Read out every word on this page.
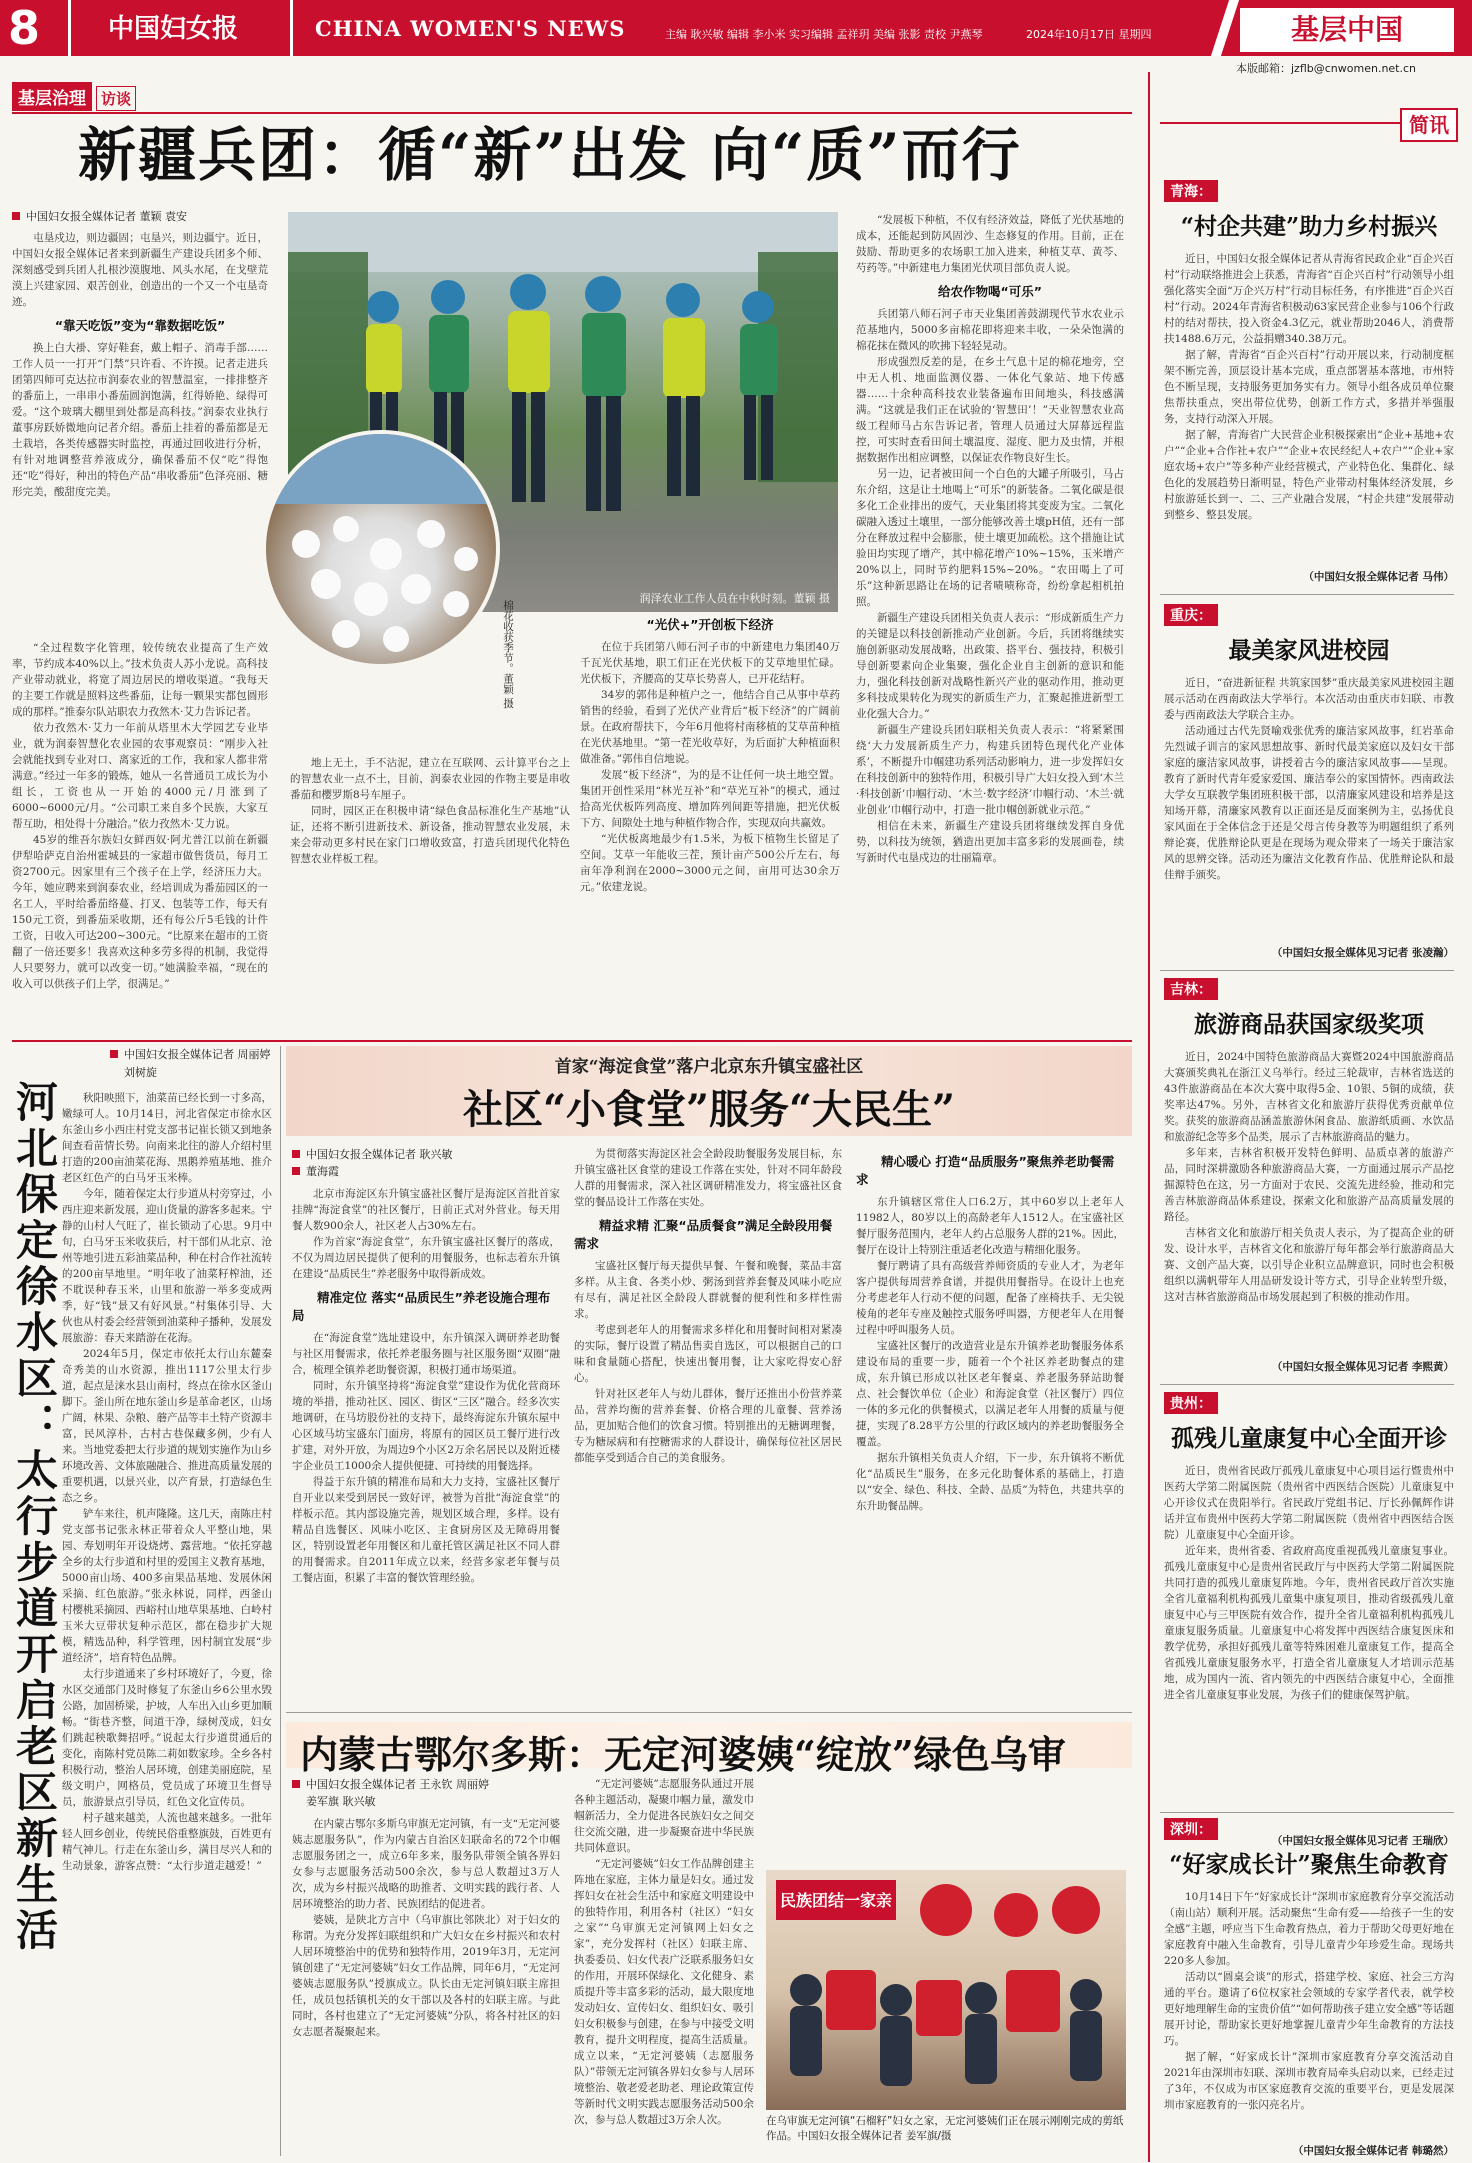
8	中国妇女报	CHINA WOMEN'S NEWS	主编 耿兴敏 编辑 李小米 实习编辑 孟祥玥 美编 张影 责校 尹燕琴	2024年10月17日 星期四	基层中国
本版邮箱：jzflb@cnwomen.net.cn
基层治理 访谈
新疆兵团：循“新”出发 向“质”而行
中国妇女报全媒体记者 董颖 袁安

屯垦戍边，则边疆固；屯垦兴，则边疆宁。近日，中国妇女报全媒体记者来到新疆生产建设兵团多个师、深刻感受到兵团人扎根沙漠腹地、风头水尾，在戈壁荒漠上兴建家园、艰苦创业，创造出的一个又一个屯垦奇迹。

“靠天吃饭”变为“靠数据吃饭”

换上白大褂、穿好鞋套，戴上帽子、消毒手部……工作人员一一打开“门禁”只许看、不许摸。记者走进兵团第四师可克达拉市润泰农业的智慧温室，一排排整齐的番茄上，一串串小番茄圆润饱满，红得娇艳、绿得可爱。“这个玻璃大棚里到处都是高科技。”润泰农业执行董事房跃娇微地向记者介绍。番茄上挂着的番茄都是无土栽培，各类传感器实时监控，再通过回收进行分析，有针对地调整营养液成分，确保番茄不仅“吃”得饱还“吃”得好，种出的特色产品“串收番茄”色泽亮丽、糖形完美，酸甜度完美。

润泽农业工作人员在中秋时刻。董颖 摄
棉花收获季节。董颖 摄

“全过程数字化管理，较传统农业提高了生产效率，节约成本40%以上。”技术负责人苏小龙说。高科技产业带动就业，将宽了周边居民的增收渠道。“我每天的主要工作就是照料这些番茄，让每一颗果实都包圆形成的那样。”推泰尔队站职农力孜然木·艾力告诉记者。

依力孜然木·艾力一年前从塔里木大学园艺专业毕业，就为润泰智慧化农业园的农事观察员：“刚步入社会就能找到专业对口、离家近的工作，我和家人都非常满意。”经过一年多的锻炼，她从一名普通员工成长为小组长，工资也从一开始的4000元/月涨到了6000~6000元/月。“公司职工来自多个民族，大家互帮互助，相处得十分融洽。”依力孜然木·艾力说。

45岁的维吾尔族妇女鲜西奴·阿尤普江以前在新疆伊犁哈萨克自治州霍城县的一家超市做售货员，每月工资2700元。因家里有三个孩子在上学，经济压力大。今年，她应聘来到润泰农业，经培训成为番茄园区的一名工人，平时给番茄络蔓、打叉、包装等工作，每天有150元工资，到番茄采收期，还有每公斤5毛钱的计件工资，日收入可达200~300元。“比原来在超市的工资翻了一倍还要多！我喜欢这种多劳多得的机制，我觉得人只要努力，就可以改变一切。”她满脸幸福，“现在的收入可以供孩子们上学，很满足。”

地上无土，手不沾泥，建立在互联网、云计算平台之上的智慧农业一点不土，目前，润泰农业园的作物主要是串收番茄和樱罗斯8号车厘子。

同时，园区正在积极申请“绿色食品标准化生产基地”认证，还将不断引进新技术、新设备，推动智慧农业发展，未来会带动更多村民在家门口增收致富，打造兵团现代化特色智慧农业样板工程。

“光伏+”开创板下经济

在位于兵团第八师石河子市的中新建电力集团40万千瓦光伏基地，职工们正在光伏板下的艾草地里忙碌。光伏板下，齐腰高的艾草长势喜人，已开花结籽。

34岁的郭伟是种植户之一，他结合自己从事中草药销售的经验，看到了光伏产业背后“板下经济”的广阔前景。在政府帮扶下，今年6月他将村南移植的艾草苗种植在光伏基地里。“第一茬光收草好，为后面扩大种植面积做准备。”郭伟自信地说。

发展“板下经济”，为的是不让任何一块土地空置。集团开创性采用“林光互补”和“草光互补”的模式，通过拾高光伏板阵列高度、增加阵列间距等措施，把光伏板下方、间隙处土地与种植作物合作，实现双向共赢效。

“光伏板离地最少有1.5米，为板下植物生长留足了空间。艾草一年能收三茬，预计亩产500公斤左右，每亩年净利润在2000~3000元之间，亩用可达30余万元。”依建龙说。

“发展板下种植，不仅有经济效益，降低了光伏基地的成本，还能起到防风固沙、生态修复的作用。目前，正在鼓励、帮助更多的农场职工加入进来，种植艾草、黄芩、芍药等。”中新建电力集团光伏项目部负责人说。

给农作物喝“可乐”

兵团第八师石河子市天业集团善鼓湖现代节水农业示范基地内，5000多亩棉花即将迎来丰收，一朵朵饱满的棉花抹在微风的吹拂下轻轻晃动。

形成强烈反差的是，在乡土气息十足的棉花地旁，空中无人机、地面监测仪器、一体化气象站、地下传感器……十余种高科技农业装备遍布田间地头，科技感满满。“这就是我们正在试验的‘智慧田’！”天业智慧农业高级工程师马占东告诉记者，管理人员通过大屏幕远程监控，可实时查看田间土壤温度、湿度、肥力及虫情，并根据数据作出相应调整，以保证农作物良好生长。

另一边，记者被田间一个白色的大罐子所吸引，马占东介绍，这是让土地喝上“可乐”的新装备。二氧化碳是很多化工企业排出的废气，天业集团将其变废为宝。二氧化碳融入透过土壤里，一部分能够改善土壤pH值，还有一部分在释放过程中会膨胀，使土壤更加疏松。这个措施让试验田均实现了增产，其中棉花增产10%~15%，玉米增产20%以上，同时节约肥料15%~20%。“农田喝上了可乐”这种新思路让在场的记者啧啧称奇，纷纷拿起相机拍照。

新疆生产建设兵团相关负责人表示：“形成新质生产力的关键是以科技创新推动产业创新。今后，兵团将继续实施创新驱动发展战略，出政策、搭平台、强技持，积极引导创新要素向企业集聚，强化企业自主创新的意识和能力，强化科技创新对战略性新兴产业的驱动作用，推动更多科技成果转化为现实的新质生产力，汇聚起推进新型工业化强大合力。”

新疆生产建设兵团妇联相关负责人表示：“将紧紧围绕‘大力发展新质生产力，构建兵团特色现代化产业体系’，不断提升巾帼建功系列活动影响力，进一步发挥妇女在科技创新中的独特作用，积极引导广大妇女投入到‘木兰·科技创新’巾帼行动、‘木兰·数字经济’巾帼行动、‘木兰·就业创业’巾帼行动中，打造一批巾帼创新就业示范。”

相信在未来，新疆生产建设兵团将继续发挥自身优势，以科技为统领，猶造出更加丰富多彩的发展画卷，续写新时代屯垦戍边的壮丽篇章。

中国妇女报全媒体记者 周丽婷
刘树旋
河北保定徐水区：太行步道开启老区新生活	秋阳映照下，油菜苗已经长到一寸多高，嫩绿可人。10月14日，河北省保定市徐水区东釜山乡小西庄村党支部书记崔长锁又到地条间查看苗情长势。向南来北往的游人介绍村里打造的200亩油菜花海、黑鹅养殖基地、推介老区红色产的白马牙玉米棒。

今年，随着保定太行步道从村旁穿过，小西庄迎来新发展，迎山货量的游客多起来。宁静的山村人气旺了，崔长锁动了心思。9月中旬，白马牙玉米收获后，村干部们从北京、沧州等地引进五彩油菜品种，种在村合作社流转的200亩旱地里。“明年收了油菜籽榨油，还不耽误种春玉米，山里和旅游一举多变成两季，好“钱”景又有好风景。”村集体引导、大伙也从村委会经营领到油菜种子播种，发展发展旅游：春天来踏游在花海。

2024年5月，保定市依托太行山东麓秦奇秀美的山水资源，推出1117公里太行步道，起点是涞水县山南村，终点在徐水区釜山脚下。釜山所在地东釜山乡是革命老区，山场广阔，林果、杂粮、蘑产品等丰土特产资源丰富，民风淳朴，古村古巷保藏多例，少有人来。当地党委把太行步道的规划实施作为山乡环境改善、文体旅融融合、推进高质量发展的重要机遇，以景兴业，以产育景，打造绿色生态之乡。

铲车来往，机声隆隆。这几天，南陈庄村党支部书记张永林正带着众人平整山地，果园、寿划明年开设烧烤、露营地。“依托穿越全乡的太行步道和村里的爱国主义教育基地，5000亩山场、400多亩果品基地、发展休闲采摘、红色旅游。”张永林说，同样，西釜山村樱桃采摘园、西峪村山地草果基地、白岭村玉米大豆带状复种示范区，都在稳步扩大规模，精选品种，科学管理，因村制宜发展“步道经济”，培育特色品牌。

太行步道通来了乡村环境好了，今夏，徐水区交通部门及时修复了东釜山乡6公里水毁公路，加固桥梁，护坡，人车出入山乡更加顺畅。“街巷齐整，间道干净，绿树茂成，妇女们跳起秧歌舞招呼。”说起太行步道贯通后的变化，南陈村党员陈二莉如数家珍。全乡各村积极行动，整治人居环境，创建美丽庭院，星级文明户，网格员，党员成了环境卫生督导员，旅游景点引导员，红色文化宣传员。

村子越来越美，人流也越来越多。一批年轻人回乡创业，传统民俗重整旗鼓，百姓更有精气神儿。行走在东釜山乡，满目尽兴人和的生动景象，游客点赞：“太行步道走越爱！”

首家“海淀食堂”落户北京东升镇宝盛社区
社区“小食堂”服务“大民生”
中国妇女报全媒体记者 耿兴敏
董海霞

北京市海淀区东升镇宝盛社区餐厅是海淀区首批首家挂牌“海淀食堂”的社区餐厅，日前正式对外营业。每天用餐人数900余人，社区老人占30%左右。

作为首家“海淀食堂”，东升镇宝盛社区餐厅的落成，不仅为周边居民提供了便利的用餐服务，也标志着东升镇在建设“品质民生”养老服务中取得新成效。

精准定位 落实“品质民生”养老设施合理布局

在“海淀食堂”选址建设中，东升镇深入调研养老助餐与社区用餐需求，依托养老服务圈与社区服务圈“双圈”融合，梳理全镇养老助餐资源，积极打通市场渠道。

同时，东升镇坚持将“海淀食堂”建设作为优化营商环境的举措，推动社区、园区、街区“三区”融合。经多次实地调研，在马坊股份社的支持下，最终海淀东升镇东屋中心区域马坊宝盛东门面房，将原有的园区员工餐厅进行改扩建，对外开放，为周边9个小区2万余名居民以及附近楼宇企业员工1000余人提供便捷、可持续的用餐选择。

得益于东升镇的精准布局和大力支持，宝盛社区餐厅自开业以来受到居民一致好评，被誉为首批“海淀食堂”的样板示范。其内部设施完善，规划区域合理，多样。设有精品自选餐区、风味小吃区、主食厨房区及无障碍用餐区，特别设置老年用餐区和儿童托管区满足社区不同人群的用餐需求。自2011年成立以来，经营多家老年餐与员工餐店面，积累了丰富的餐饮管理经验。

为贯彻落实海淀区社会全龄段助餐服务发展目标，东升镇宝盛社区食堂的建设工作落在实处，针对不同年龄段人群的用餐需求，深入社区调研精准发力，将宝盛社区食堂的餐品设计工作落在实处。

精益求精 汇聚“品质餐食”满足全龄段用餐需求

宝盛社区餐厅每天提供早餐、午餐和晚餐，菜品丰富多样。从主食、各类小炒、粥汤到营养套餐及风味小吃应有尽有，满足社区全龄段人群就餐的便利性和多样性需求。

考虑到老年人的用餐需求多样化和用餐时间相对紧凑的实际，餐厅设置了精品售卖自选区，可以根据自己的口味和食量随心搭配，快速出餐用餐，让大家吃得安心舒心。

针对社区老年人与幼儿群体，餐厅还推出小份营养菜品，营养均衡的营养套餐、价格合理的儿童餐、营养汤品，更加贴合他们的饮食习惯。特别推出的无糖调理餐，专为糖尿病和有控糖需求的人群设计，确保每位社区居民都能享受到适合自己的美食服务。

精心暖心 打造“品质服务”聚焦养老助餐需求

东升镇辖区常住人口6.2万，其中60岁以上老年人11982人，80岁以上的高龄老年人1512人。在宝盛社区餐厅服务范围内，老年人约占总服务人群的21%。因此，餐厅在设计上特别注重适老化改造与精细化服务。

餐厅聘请了具有高级营养师资质的专业人才，为老年客户提供每周营养食谱，并提供用餐指导。在设计上也充分考虑老年人行动不便的问题，配备了座椅扶手、无尖锐棱角的老年专座及触控式服务呼叫器，方便老年人在用餐过程中呼叫服务人员。

宝盛社区餐厅的改造营业是东升镇养老助餐服务体系建设布局的重要一步，随着一个个社区养老助餐点的建成，东升镇已形成以社区老年餐桌、养老服务驿站助餐点、社会餐饮单位（企业）和海淀食堂（社区餐厅）四位一体的多元化的供餐模式，以满足老年人用餐的质量与便捷，实现了8.28平方公里的行政区域内的养老助餐服务全覆盖。

据东升镇相关负责人介绍，下一步，东升镇将不断优化“品质民生”服务，在多元化助餐体系的基础上，打造以“安全、绿色、科技、全龄、品质”为特色，共建共享的东升助餐品牌。

内蒙古鄂尔多斯：无定河婆姨“绽放”绿色乌审
中国妇女报全媒体记者 王永钦 周丽婷
姜军旗 耿兴敏

在内蒙古鄂尔多斯乌审旗无定河镇，有一支“无定河婆姨志愿服务队”，作为内蒙古自治区妇联命名的72个巾帼志愿服务团之一，成立6年多来，服务队带领全镇各界妇女参与志愿服务活动500余次，参与总人数超过3万人次，成为乡村振兴战略的助推者、文明实践的践行者、人居环境整治的助力者、民族团结的促进者。

婆姨，是陕北方言中（乌审旗比邻陕北）对于妇女的称谓。为充分发挥妇联组织和广大妇女在乡村振兴和农村人居环境整治中的优势和独特作用，2019年3月，无定河镇创建了“无定河婆姨”妇女工作品牌，同年6月，“无定河婆姨志愿服务队”授旗成立。队长由无定河镇妇联主席担任，成员包括镇机关的女干部以及各村的妇联主席。与此同时，各村也建立了“无定河婆姨”分队，将各村社区的妇女志愿者凝聚起来。

“无定河婆姨”志愿服务队通过开展各种主题活动，凝聚巾帼力量，激发巾帼新活力，全力促进各民族妇女之间交往交流交融，进一步凝聚奋进中华民族共同体意识。

“无定河婆姨”妇女工作品牌创建主阵地在家庭，主体力量是妇女。通过发挥妇女在社会生活中和家庭文明建设中的独特作用，利用各村（社区）“妇女之家”“乌审旗无定河镇网上妇女之家”，充分发挥村（社区）妇联主席、执委委员、妇女代表广泛联系服务妇女的作用，开展环保绿化、文化健身、素质提升等丰富多彩的活动，最大限度地发动妇女、宣传妇女、组织妇女、吸引妇女积极参与创建，在参与中接受文明教育，提升文明程度，提高生活质量。成立以来，“无定河婆姨（志愿服务队）”带领无定河镇各界妇女参与人居环境整治、敬老爱老助老、理论政策宣传等新时代文明实践志愿服务活动500余次，参与总人数超过3万余人次。

民族团结一家亲
在乌审旗无定河镇“石榴籽”妇女之家，无定河婆姨们正在展示刚刚完成的剪纸作品。中国妇女报全媒体记者 姜军旗/摄
简讯
青海：
“村企共建”助力乡村振兴

近日，中国妇女报全媒体记者从青海省民政企业“百企兴百村”行动联络推进会上获悉，青海省“百企兴百村”行动领导小组强化落实全面“万企兴万村”行动目标任务，有序推进“百企兴百村”行动。2024年青海省积极动63家民营企业参与106个行政村的结对帮扶，投入资金4.3亿元，就业帮助2046人，消费帮扶1488.6万元，公益捐赠340.38万元。

据了解，青海省“百企兴百村”行动开展以来，行动制度框架不断完善，顶层设计基本完成，重点部署基本落地，市州特色不断呈现，支持服务更加务实有力。领导小组各成员单位聚焦帮扶重点，突出带位优势，创新工作方式，多措并举强服务，支持行动深入开展。

据了解，青海省广大民营企业积极探索出“企业+基地+农户”“企业+合作社+农户”“企业+农民经纪人+农户”“企业+家庭农场+农户”等多种产业经营模式，产业特色化、集群化、绿色化的发展趋势日渐明显，特色产业带动村集体经济发展，乡村旅游延长到一、二、三产业融合发展，“村企共建”发展带动到整乡、整县发展。

（中国妇女报全媒体记者 马伟）
重庆：
最美家风进校园

近日，“奋进新征程 共筑家国梦”重庆最美家风进校园主题展示活动在西南政法大学举行。本次活动由重庆市妇联、市教委与西南政法大学联合主办。

活动通过古代先贤喻戏张优秀的廉洁家风故事，红岩革命先烈诚子训言的家风思想故事、新时代最美家庭以及妇女干部家庭的廉洁家风故事，讲授着古今的廉洁家风故事——呈现。教育了新时代青年爱家爱国、廉洁奉公的家国情怀。西南政法大学女互联教学集团班积极干部，以清廉家风建设和培养是这知场开幕，清廉家风教育以正面还是反面案例为主，弘扬优良家风面在于全体信念于还是父母言传身教等为明题组织了系列辩论赛，优胜辩论队更是在现场为观众带来了一场关于廉洁家风的思辨交锋。活动还为廉洁文化教育作品、优胜辩论队和最佳辩手颁奖。

（中国妇女报全媒体见习记者 张凌瀚）
吉林：
旅游商品获国家级奖项

近日，2024中国特色旅游商品大赛暨2024中国旅游商品大赛颁奖典礼在浙江义乌举行。经过三轮裁审，吉林省选送的43件旅游商品在本次大赛中取得5金、10银、5铜的成绩，获奖率达47%。另外，吉林省文化和旅游厅获得优秀贡献单位奖。获奖的旅游商品涵盖旅游休闲食品、旅游纸质画、水饮品和旅游纪念等多个品类，展示了吉林旅游商品的魅力。

多年来，吉林省积极开发特色鲜明、品质卓著的旅游产品，同时深耕激励各种旅游商品大赛，一方面通过展示产品挖掘源特色在这，另一方面对于农民、交流先进经验，推动和完善吉林旅游商品体系建设，探索文化和旅游产品高质量发展的路径。

吉林省文化和旅游厅相关负责人表示，为了提高企业的研发、设计水平，吉林省文化和旅游厅每年都会举行旅游商品大赛、文创产品大赛，以引导企业积立品牌意识，同时也会积极组织以满帆带年人用品研发设计等方式，引导企业转型升级，这对吉林省旅游商品市场发展起到了积极的推动作用。

（中国妇女报全媒体见习记者 李熙黄）
贵州：
孤残儿童康复中心全面开诊

近日，贵州省民政厅孤残儿童康复中心项目运行暨贵州中医药大学第二附属医院（贵州省中西医结合医院）儿童康复中心开诊仪式在贵阳举行。省民政厅党组书记、厅长孙佩辉作讲话并宣布贵州中医药大学第二附属医院（贵州省中西医结合医院）儿童康复中心全面开诊。

近年来，贵州省委、省政府高度重视孤残儿童康复事业。孤残儿童康复中心是贵州省民政厅与中医药大学第二附属医院共同打造的孤残儿童康复阵地。今年，贵州省民政厅首次实施全省儿童福利机构孤残儿童集中康复项目，推动省级孤残儿童康复中心与三甲医院有效合作，提升全省儿童福利机构孤残儿童康复服务质量。儿童康复中心将发挥中西医结合康复医床和教学优势，承担好孤残儿童等特殊困难儿童康复工作，提高全省孤残儿童康复服务水平，打造全省儿童康复人才培训示范基地，成为国内一流、省内领先的中西医结合康复中心，全面推进全省儿童康复事业发展，为孩子们的健康保驾护航。

（中国妇女报全媒体见习记者 王瑞欣）
深圳：
“好家成长计”聚焦生命教育

10月14日下午“好家成长计”深圳市家庭教育分享交流活动（南山站）顺利开展。活动聚焦“生命有爱——给孩子一生的安全感”主题，呼应当下生命教育热点，着力于帮助父母更好地在家庭教育中融入生命教育，引导儿童青少年珍爱生命。现场共220多人参加。

活动以“圆桌会谈”的形式，搭建学校、家庭、社会三方沟通的平台。邀请了6位权家社会领域的专家学者代表，就学校更好地理解生命的宝贵价值”“如何帮助孩子建立安全感”等话题展开讨论，帮助家长更好地掌握儿童青少年生命教育的方法技巧。

据了解，“好家成长计”深圳市家庭教育分享交流活动自2021年由深圳市妇联、深圳市教育局牵头启动以来，已经走过了3年，不仅成为市区家庭教育交流的重要平台，更是发展深圳市家庭教育的一张闪亮名片。

（中国妇女报全媒体记者 韩璐然）
